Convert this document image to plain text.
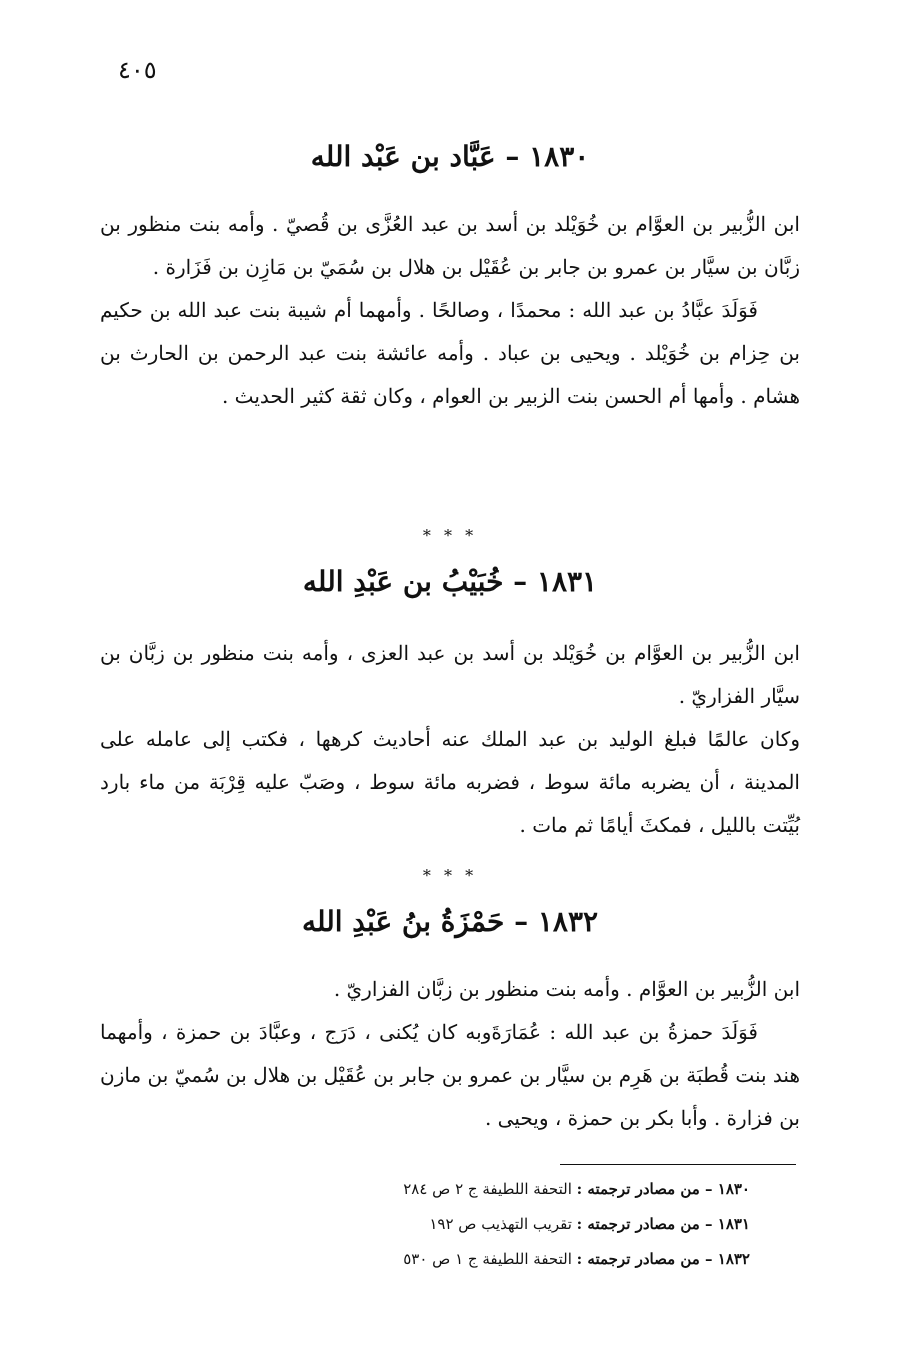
٤٠٥
١٨٣٠ – عَبَّاد بن عَبْد الله

ابن الزُّبير بن العوَّام بن خُوَيْلد بن أسد بن عبد العُزَّى بن قُصيّ . وأمه بنت منظور بن زبَّان بن سيَّار بن عمرو بن جابر بن عُقَيْل بن هلال بن سُمَيّ بن مَازِن بن فَزَارة .

فَوَلَدَ عبَّادُ بن عبد الله : محمدًا ، وصالحًا . وأمهما أم شيبة بنت عبد الله بن حكيم بن حِزام بن خُوَيْلد . ويحيى بن عباد . وأمه عائشة بنت عبد الرحمن بن الحارث بن هشام . وأمها أم الحسن بنت الزبير بن العوام ، وكان ثقة كثير الحديث .

* * *
١٨٣١ – خُبَيْبُ بن عَبْدِ الله

ابن الزُّبير بن العوَّام بن خُوَيْلد بن أسد بن عبد العزى ، وأمه بنت منظور بن زبَّان بن سيَّار الفزاريّ .

وكان عالمًا فبلغ الوليد بن عبد الملك عنه أحاديث كرهها ، فكتب إلى عامله على المدينة ، أن يضربه مائة سوط ، فضربه مائة سوط ، وصَبّ عليه قِرْبَة من ماء بارد بُيِّتت بالليل ، فمكثَ أيامًا ثم مات .

* * *
١٨٣٢ – حَمْزَةُ بنُ عَبْدِ الله

ابن الزُّبير بن العوَّام . وأمه بنت منظور بن زبَّان الفزاريّ .

فَوَلَدَ حمزةُ بن عبد الله : عُمَارَةَوبه كان يُكنى ، دَرَج ، وعبَّادَ بن حمزة ، وأمهما هند بنت قُطبَة بن هَرِم بن سيَّار بن عمرو بن جابر بن عُقَيْل بن هلال بن سُميّ بن مازن بن فزارة . وأبا بكر بن حمزة ، ويحيى .

١٨٣٠ – من مصادر ترجمته : التحفة اللطيفة ج ٢ ص ٢٨٤
١٨٣١ – من مصادر ترجمته : تقريب التهذيب ص ١٩٢
١٨٣٢ – من مصادر ترجمته : التحفة اللطيفة ج ١ ص ٥٣٠
